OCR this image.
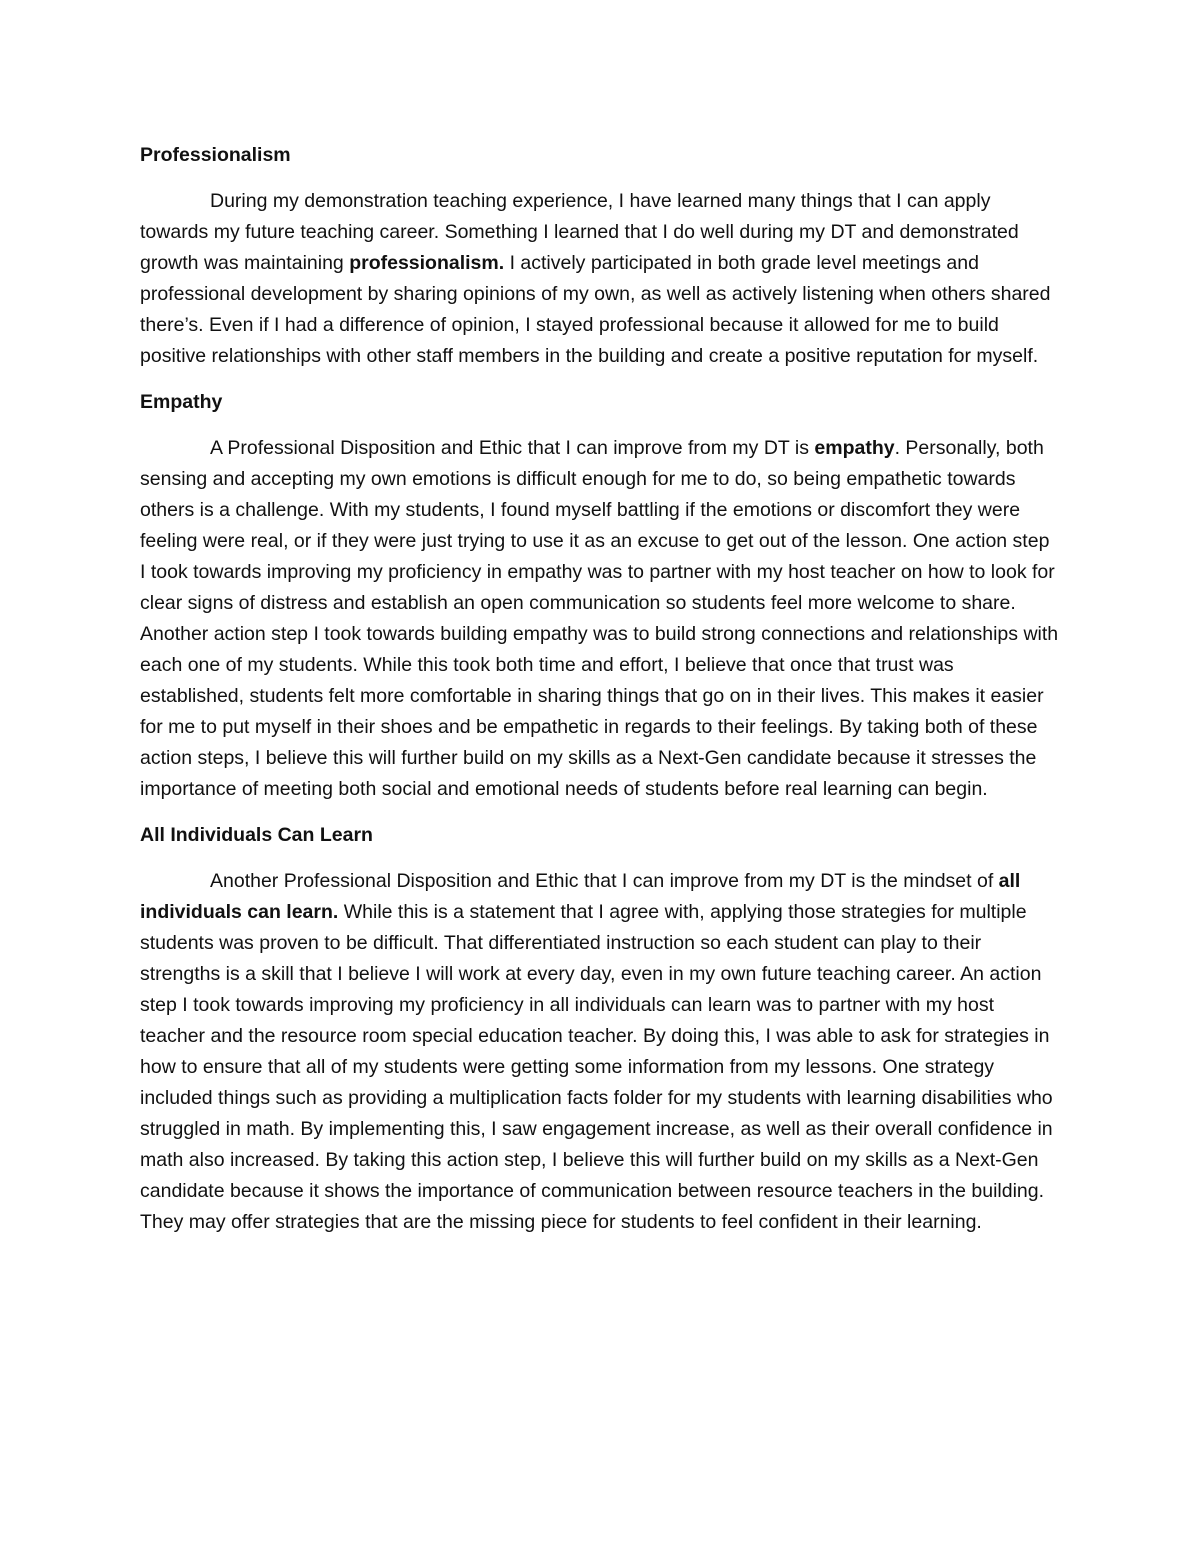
Professionalism

During my demonstration teaching experience, I have learned many things that I can apply towards my future teaching career. Something I learned that I do well during my DT and demonstrated growth was maintaining professionalism. I actively participated in both grade level meetings and professional development by sharing opinions of my own, as well as actively listening when others shared there’s. Even if I had a difference of opinion, I stayed professional because it allowed for me to build positive relationships with other staff members in the building and create a positive reputation for myself.

Empathy

A Professional Disposition and Ethic that I can improve from my DT is empathy. Personally, both sensing and accepting my own emotions is difficult enough for me to do, so being empathetic towards others is a challenge. With my students, I found myself battling if the emotions or discomfort they were feeling were real, or if they were just trying to use it as an excuse to get out of the lesson. One action step I took towards improving my proficiency in empathy was to partner with my host teacher on how to look for clear signs of distress and establish an open communication so students feel more welcome to share. Another action step I took towards building empathy was to build strong connections and relationships with each one of my students. While this took both time and effort, I believe that once that trust was established, students felt more comfortable in sharing things that go on in their lives. This makes it easier for me to put myself in their shoes and be empathetic in regards to their feelings. By taking both of these action steps, I believe this will further build on my skills as a Next-Gen candidate because it stresses the importance of meeting both social and emotional needs of students before real learning can begin.

All Individuals Can Learn

Another Professional Disposition and Ethic that I can improve from my DT is the mindset of all individuals can learn. While this is a statement that I agree with, applying those strategies for multiple students was proven to be difficult. That differentiated instruction so each student can play to their strengths is a skill that I believe I will work at every day, even in my own future teaching career. An action step I took towards improving my proficiency in all individuals can learn was to partner with my host teacher and the resource room special education teacher. By doing this, I was able to ask for strategies in how to ensure that all of my students were getting some information from my lessons. One strategy included things such as providing a multiplication facts folder for my students with learning disabilities who struggled in math. By implementing this, I saw engagement increase, as well as their overall confidence in math also increased. By taking this action step, I believe this will further build on my skills as a Next-Gen candidate because it shows the importance of communication between resource teachers in the building. They may offer strategies that are the missing piece for students to feel confident in their learning.
